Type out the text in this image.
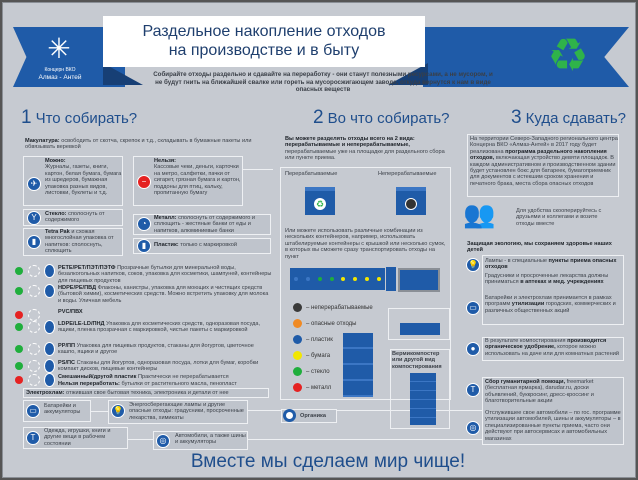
✳
Концерн ВКО
Алмаз - Антей	♻
Раздельное накопление отходов
на производстве и в быту
Собирайте отходы раздельно и сдавайте на переработку - они станут полезными ресурсами, а не мусором, и не будут гнить на ближайшей свалке или гореть на мусоросжигающем заводе, откуда вернутся к нам в виде опасных веществ
1 Что собирать?
Макулатура: освободить от скотча, скрепок и т.д., складывать в бумажные пакеты или обвязывать веревкой
✈
Можно:
Журналы, газеты, книги, картон, белая бумага, бумага из шредеров, бумажная упаковка разных видов, листовки, буклеты и т.д.
−
Нельзя:
Кассовые чеки, деньги, карточки на метро, салфетки, пачки от сигарет, грязная бумага и картон, поддоны для птиц, кальку, пропитанную бумагу
Y	Стекло: сполоснуть от содержимого	◔
Металл: сполоснуть от содержимого и сплющить - жестяные банки от еды и напитков, алюминиевые банки
▮
Tetra Pak и схожая многослойная упаковка от напитков: сполоснуть, сплющить
▮	Пластик: только с маркировкой
PETE/PET/ПЭТ/ПЭТФ Прозрачные бутылки для минеральной воды, безалкогольных напитков, соков, упаковка для косметики, шампуней, контейнеры для пищевых продуктов
HDPE/PE/ПВД Флаконы, канистры, упаковка для моющих и чистящих средств (бытовой химии), косметических средств. Можно встретить упаковку для молока и воды. Уличная мебель
PVC/ПВХ
LDPE/LE-LD/ПНД Упаковка для косметических средств, одноразовая посуда, ящики, пленка прозрачная с маркировкой, чистые пакеты с маркировкой
PP/ПП Упаковка для пищевых продуктов, стаканы для йогуртов, цветочное кашпо, ящики и другое
PS/ПС Стаканы для йогуртов, одноразовая посуда, лотки для бумаг, коробки компакт дисков, пищевые контейнеры
Смешанный/другой пластик Практически не перерабатывается
Нельзя переработать: бутылки от растительного масла, пенопласт
Электрохлам: отжившая свое бытовая техника, электроника и детали от нее
▭	Батарейки и аккумуляторы	💡
Энергосберегающие лампы и другие опасные отходы: градусники, просроченные лекарства, химикаты
T
Одежда, игрушки, книги и другие вещи в рабочем состоянии	◎	Автомобили, а также шины и аккумуляторы
2 Во что собирать?
Вы можете разделять отходы всего на 2 вида: перерабатываемые и неперерабатываемые, перерабатываемые уже на площадке для раздельного сбора или пункте приема.
Перерабатываемые	Неперерабатываемые
♻
Или можете использовать различные комбинации из нескольких контейнеров, например, использовать штабелируемые контейнеры с крышкой или несколько сумок, в которых вы сможете сразу транспортировать отходы на пункт
– неперерабатываемые
– опасные отходы
– пластик
– бумага
– стекло
– металл
Вермикомпостер или другой вид компостирования
Органика
3 Куда сдавать?
На территории Северо-Западного регионального центра Концерна ВКО «Алмаз-Антей» в 2017 году будет реализована программа раздельного накопления отходов, включающая устройство девяти площадок. В каждом административном и производственном здании будет установлен бокс для батареек, бумагоприемник для документов с истекшим сроком хранения и печатного брака, места сбора опасных отходов
👥	Для удобства скооперируйтесь с друзьями и коллегами и возите отходы вместе
Защищая экологию, мы сохраняем здоровье наших детей
💡
▭
Лампы - в специальные пункты приема опасных отходов
Градусники и просроченные лекарства должны приниматься в аптеках и мед. учреждениях
Батарейки и электрохлам принимается в рамках программ утилизации городских, коммерческих и различных общественных акций
●
В результате компостирования производится органическое удобрение, которое можно использовать на даче или для комнатных растений
T
◎
Сбор гуманитарной помощи, freemarket (бесплатная ярмарка), darudar.ru, доски объявлений, буккросинг, дресс-кроссинг и благотворительные акции
Отслужившее свое автомобили – по гос. программе утилизации автомобилей, шины и аккумуляторы – в специализированные пункты приема, часто они действуют при автосервисах и автомобильных магазинах
Вместе мы сделаем мир чище!
